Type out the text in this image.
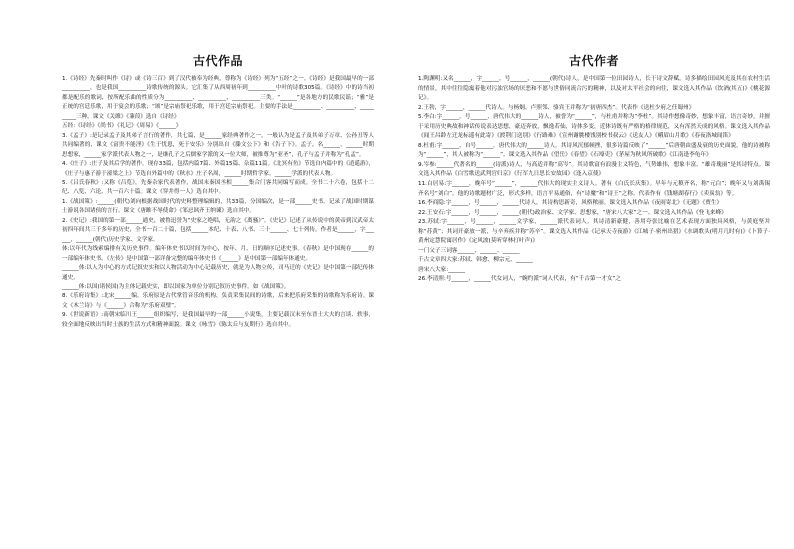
古代作品

1.《诗经》先秦时叫作《诗》或《诗三百》到了汉代被奉为经典，尊称为《诗经》列为“五经”之一。《诗经》是我国最早的一部__________，也是我国__________诗歌传统的源头。它汇集了从西周初年到__________中叶的诗歌305篇。《诗经》中的诗当初都是配乐的歌词，按所配乐曲的性质分为__________、__________、__________三类。“______”是各地方的民歌民谣；“雅”是正统的宫廷乐歌，用于宴会的乐歌；“颂”是宗庙祭祀乐歌，用于宫廷宗庙祭祀。主要的手法是__________、__________、__________三种。课文《关雎》《蒹葭》选自《诗经》

五经:《诗经》《尚书》《礼记》《周易》《______》

3.《孟子》:是记录孟子及其弟子言行的著作，共七篇，是______家经典著作之一，一般认为是孟子及其弟子万章、公孙丑等人共同编著的，课文《富贵不能淫》《生于忧患，死于安乐》分别出自《滕文公下》和《告子下》。孟子，名______，______时期思想家，______家学派代表人物之一，是继孔子之后儒家学派的又一位大师，被推尊为“亚圣”，孔子与孟子并称为“孔孟”。

4.《庄子》:庄子及其后学的著作，现存33篇，包括内篇7篇、外篇15篇、杂篇11篇。《北冥有鱼》节选自内篇中的《逍遥游》，《庄子与惠子游于濠梁之上》节选自外篇中的《秋水》庄子名周，______时期哲学家。______学派的代表人物。

5.《吕氏春秋》:又称《吕览》，先秦杂家代表著作，战国末秦国丞相______集合门客共同编写而成。全书二十六卷，包括十二纪、八览、六论，共一百六十篇。课文《穿井得一人》选自其中。

1.《战国策》:______(朝代)刘向根据战国时代的史料整理编辑的，共33篇，分国编次，是一部______史书。记录了战国时期谋士游说各国诸侯的言行。课文《唐雎不辱使命》《邹忌讽齐王纳谏》选自其中。

2.《史记》:我国的第一部______通史，被鲁迅誉为“史家之绝唱，无韵之《离骚》”。《史记》记述了从传说中的黄帝到汉武帝太初四年间共三千多年的历史，全书一百二十篇，包括______本纪、十表、八书、三十______、七十列传。作者是______，字______，______(朝代)历史学家、文学家。

体:以年代为线索编排有关历史事件。编年体史书以时间为中心，按年、月、日的顺序记述史事。《春秋》是中国现存______的一部编年体史书。《左传》是中国第一部详备完整的编年体史书《______》是中国第一部编年体通史。

______体:以人为中心的方式记叙史实和以人物活动为中心记载历史，就是为人物立传，司马迁的《史记》是中国第一部纪传体通史。

______体:以国(诸侯国)为主体记载史实，即以国家为单位分别记叙历史事件。如《战国策》。

8.《乐府诗集》:北宋______编。乐府原是古代掌管音乐的机构，负责采集民间的诗歌，后来把乐府采集的诗歌称为乐府诗。课文《木兰诗》与《______》合称为“乐府双璧”。

9.《世说新语》:南朝宋临川王______组织编写，是我国最早的一部______小说集，主要记载汉末至东晋士大夫的言谈、轶事，较全面地反映出当时士族的生活方式和精神面貌。课文《咏雪》《陈太丘与友期行》选自其中。

古代作者

1.陶渊明:又名______，字______，号______，______(朝代)诗人，是中国第一位田园诗人，长于诗文辞赋。诗多描绘田园风光及其在农村生活的情景，其中往往隐寓着他对污浊官场的厌恶和不愿与世俗同流合污的精神，以及对太平社会的向往，课文选入其作品《饮酒(其五)》《桃花源记》。

2.王勃，字______，______代诗人。与杨炯、卢照邻、骆宾王并称为“初唐四杰”。代表作《送杜少府之任蜀州》

5.李白:字______，号______，唐代伟大的______诗人，被誉为“______”，与杜甫并称为“李杜”。其诗作想像奇妙，想象丰富，语言奇妙，并擅于采用历史典故和神话传说表达思想，豪迈奔放，飘逸若仙，诗体多变，近体诗既有严格的格律规范，又有浑然天成的风格。课文选入其作品《闻王昌龄左迁龙标遥有此寄》《渡荆门送别》《行路难》《宣州谢朓楼饯别校书叔云》《送友人》《峨眉山月歌》《春夜洛城闻笛》

8.杜甫:字______，自号______。唐代伟大的______诗人。其诗风沉郁顿挫，很多诗篇反映了“______”后唐朝由盛及衰的历史面貌，他的诗被称为“______”，其人被称为“______”。课文选入其作品《望岳》《春望》《石壕吏》《茅屋为秋风所破歌》《江南逢李龟年》

9.岑参:______代著名的______(诗派)诗人，与高适并称“高岑”。其诗歌富有浪漫主义特色，气势雄伟，想象丰富，“雄奇瑰丽”是其诗特点。课文选入其作品《白雪歌送武判官归京》《行军九日思长安故园》《逢入京使》

11.白居易:字______，晚年号“______”，______代伟大的现实主义诗人。著有《白氏长庆集》。早年与元稹齐名，称“元白”；晚年又与刘禹锡齐名号“刘白”。他的诗歌题材广泛，形式多样，语言平易通俗，有“诗魔”和“诗王”之称。代表作有《钱塘湖春行》《卖炭翁》等。

16.李商隐:字______，号______，______代诗人，其诗构思新奇，风格秾丽。课文选入其作品《夜雨寄北》《无题》《贾生》

22.王安石:字______，号______，______(朝代)政治家、文学家、思想家，“唐宋八大家”之一。课文选入其作品《登飞来峰》

23.苏轼:字______，号______，______文学家，______派代表词人。其诗清新豪健，善用夸张比喻在艺术表现方面独具风格，与黄庭坚并称“苏黄”；其词开豪放一派，与辛弃疾并称“苏辛”。课文选入其作品《记承天寺夜游》《江城子·密州出猎》《水调歌头(明月几时有)》《卜算子·黄州定慧院寓居作》《定风波(莫听穿林打叶声)》

一门父子三词客______、______、______

千古文章四大家:苏轼、韩愈、柳宗元、______

唐宋八大家:______

26.李清照:号______，______代女词人，“婉约派”词人代表，有“千古第一才女”之
